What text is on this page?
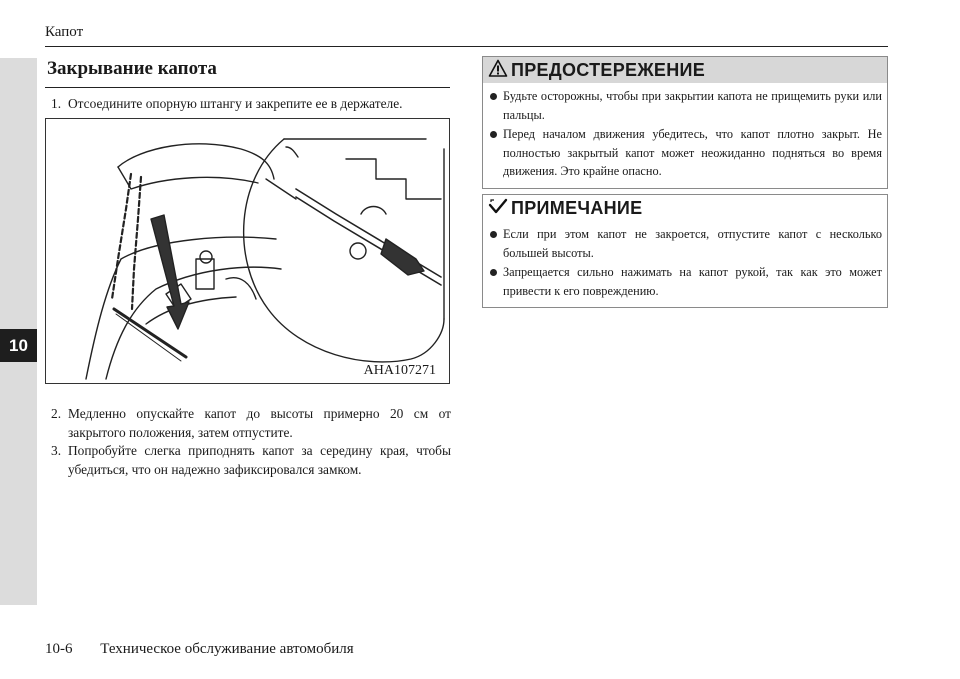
10
Капот
Закрывание капота
1. Отсоедините опорную штангу и закрепите ее в держателе.
AHA107271
2. Медленно опускайте капот до высоты примерно 20 см от закрытого положения, затем отпустите.
3. Попробуйте слегка приподнять капот за середину края, чтобы убедиться, что он надежно зафиксировался замком.
ПРЕДОСТЕРЕЖЕНИЕ
Будьте осторожны, чтобы при закрытии капота не прищемить руки или пальцы.
Перед началом движения убедитесь, что капот плотно закрыт. Не полностью закрытый капот может неожиданно подняться во время движения. Это крайне опасно.
ПРИМЕЧАНИЕ
Если при этом капот не закроется, отпустите капот с несколько большей высоты.
Запрещается сильно нажимать на капот рукой, так как это может привести к его повреждению.
10-6 Техническое обслуживание автомобиля
